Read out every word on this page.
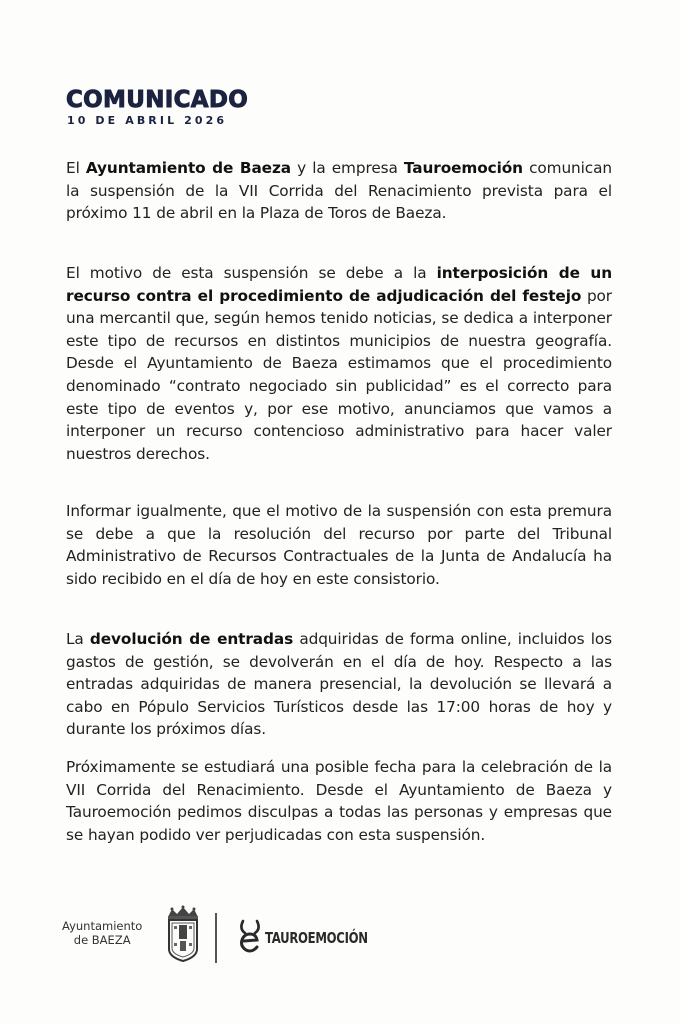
COMUNICADO
10 DE ABRIL 2026

El Ayuntamiento de Baeza y la empresa Tauroemoción comunican la suspensión de la VII Corrida del Renacimiento prevista para el próximo 11 de abril en la Plaza de Toros de Baeza.

El motivo de esta suspensión se debe a la interposición de un recurso contra el procedimiento de adjudicación del festejo por una mercantil que, según hemos tenido noticias, se dedica a interponer este tipo de recursos en distintos municipios de nuestra geografía. Desde el Ayuntamiento de Baeza estimamos que el procedimiento denominado “contrato negociado sin publicidad” es el correcto para este tipo de eventos y, por ese motivo, anunciamos que vamos a interponer un recurso contencioso administrativo para hacer valer nuestros derechos.

Informar igualmente, que el motivo de la suspensión con esta premura se debe a que la resolución del recurso por parte del Tribunal Administrativo de Recursos Contractuales de la Junta de Andalucía ha sido recibido en el día de hoy en este consistorio.

La devolución de entradas adquiridas de forma online, incluidos los gastos de gestión, se devolverán en el día de hoy. Respecto a las entradas adquiridas de manera presencial, la devolución se llevará a cabo en Pópulo Servicios Turísticos desde las 17:00 horas de hoy y durante los próximos días.

Próximamente se estudiará una posible fecha para la celebración de la VII Corrida del Renacimiento. Desde el Ayuntamiento de Baeza y Tauroemoción pedimos disculpas a todas las personas y empresas que se hayan podido ver perjudicadas con esta suspensión.

Ayuntamiento
de BAEZA	TAUROEMOCIÓN
